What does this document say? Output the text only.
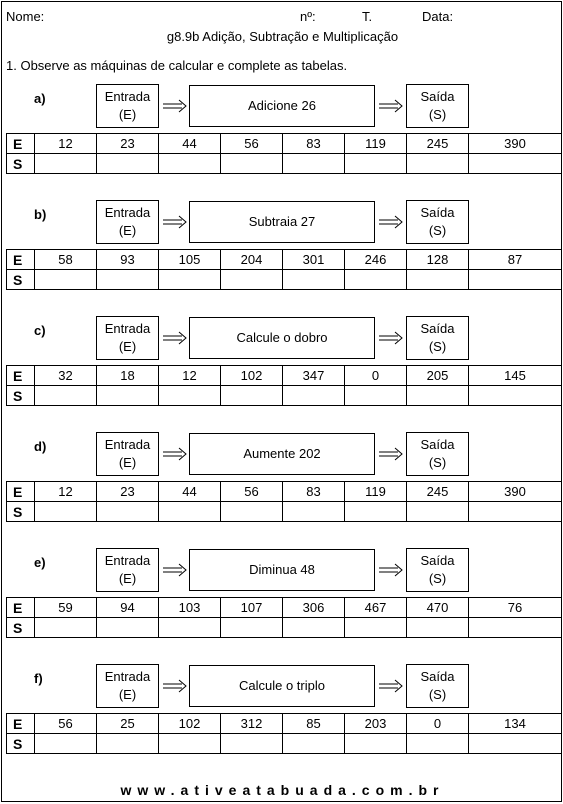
Nome:	nº:	T.	Data:
g8.9b Adição, Subtração e Multiplicação
1. Observe as máquinas de calcular e complete as tabelas.
a)	Entrada
(E)
Adicione 26
Saída
(S)
E	12	23	44	56	83	119	245	390
S								
b)	Entrada
(E)
Subtraia 27
Saída
(S)
E	58	93	105	204	301	246	128	87
S								
c)	Entrada
(E)
Calcule o dobro
Saída
(S)
E	32	18	12	102	347	0	205	145
S								
d)	Entrada
(E)
Aumente 202
Saída
(S)
E	12	23	44	56	83	119	245	390
S								
e)	Entrada
(E)
Diminua 48
Saída
(S)
E	59	94	103	107	306	467	470	76
S								
f)	Entrada
(E)
Calcule o triplo
Saída
(S)
E	56	25	102	312	85	203	0	134
S								
www.ativeatabuada.com.br
